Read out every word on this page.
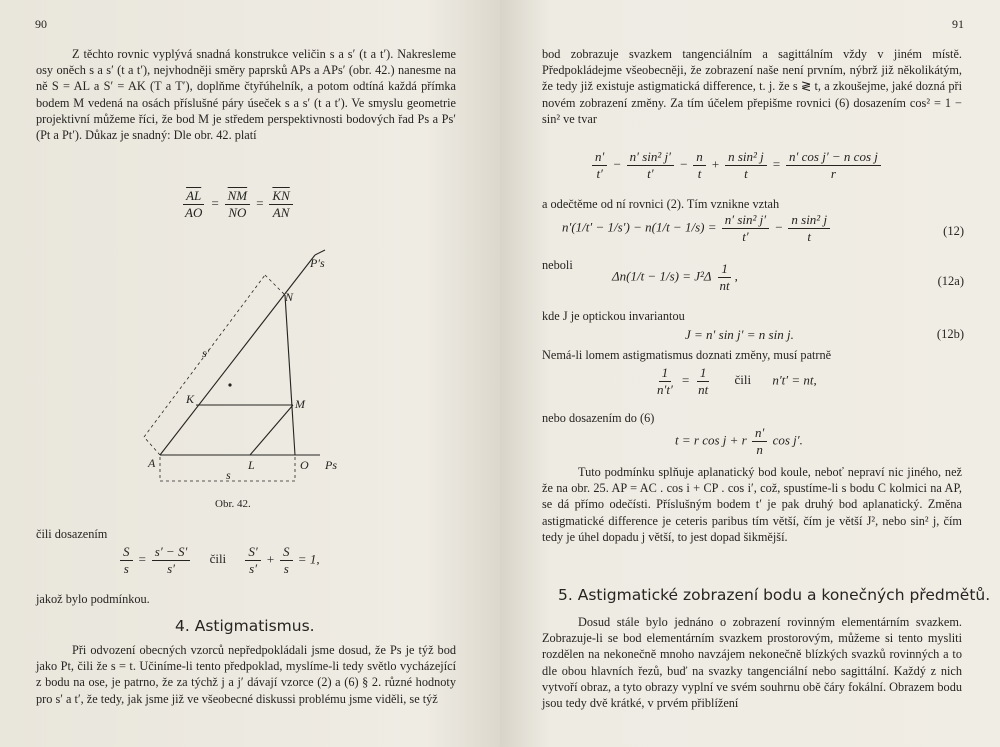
90
Z těchto rovnic vyplývá snadná konstrukce veličin s a s′ (t a t′). Nakresleme osy oněch s a s′ (t a t′), nejvhodněji směry paprsků APs a APs′ (obr. 42.) nanesme na ně S = AL a S′ = AK (T a T′), doplňme čtyřúhelník, a potom odtíná každá přímka bodem M vedená na osách příslušné páry úseček s a s′ (t a t′). Ve smyslu geometrie projektivní můžeme říci, že bod M je středem perspektivnosti bodových řad Ps a Ps′ (Pt a Pt′). Důkaz je snadný: Dle obr. 42. platí
$\frac{\overline{AL}}{AO} = \frac{\overline{NM}}{NO} = \frac{\overline{KN}}{AN}$
P′s
N
s′
K	M
A	L	O Ps
s
Obr. 42.
čili dosazením
$\frac{S}{s} = \frac{s' - S'}{s'}$ čili $\frac{S'}{s'} + \frac{S}{s} = 1$,
jakož bylo podmínkou.
4. Astigmatismus.
Při odvození obecných vzorců nepředpokládali jsme dosud, že Ps je týž bod jako Pt, čili že s = t. Učiníme-li tento předpoklad, myslíme-li tedy světlo vycházející z bodu na ose, je patrno, že za týchž j a j′ dávají vzorce (2) a (6) § 2. různé hodnoty pro s′ a t′, že tedy, jak jsme již ve všeobecné diskussi problému jsme viděli, se týž
91
bod zobrazuje svazkem tangenciálním a sagittálním vždy v jiném místě. Předpokládejme všeobecněji, že zobrazení naše není prvním, nýbrž již několikátým, že tedy již existuje astigmatická difference, t. j. že s ≷ t, a zkoušejme, jaké dozná při novém zobrazení změny. Za tím účelem přepišme rovnici (6) dosazením cos² = 1 − sin² ve tvar
$\frac{n'}{t'} - \frac{\text{n′ sin² j′}}{t'} - \frac{n}{t} + \frac{\text{n sin² j}}{t} = \frac{\text{n′ cos j′ − n cos j}}{r}$
a odečtěme od ní rovnici (2). Tím vznikne vztah
$n'(1/t' - 1/s') - n(1/t - 1/s) = \frac{\text{n′ sin² j′}}{t'} - \frac{\text{n sin² j}}{t}$	(12)
neboli
$\Delta n(1/t - 1/s) = J^2\Delta \frac{1}{nt}$ ,	(12a)
kde J je optickou invariantou
J = n′ sin j′ = n sin j.	(12b)
Nemá-li lomem astigmatismus doznati změny, musí patrně
$\frac{1}{n't'} = \frac{1}{nt}$ čili n′t′ = nt,
nebo dosazením do (6)
t = r cos j + r $\frac{n'}{n}$ cos j′.
Tuto podmínku splňuje aplanatický bod koule, neboť nepraví nic jiného, než že na obr. 25. AP = AC . cos i + CP . cos i′, což, spustíme-li s bodu C kolmici na AP, se dá přímo odečísti. Příslušným bodem t′ je pak druhý bod aplanatický. Změna astigmatické difference je ceteris paribus tím větší, čím je větší J², nebo sin² j, čím tedy je úhel dopadu j větší, to jest dopad šikmější.
5. Astigmatické zobrazení bodu a konečných předmětů.
Dosud stále bylo jednáno o zobrazení rovinným elementárním svazkem. Zobrazuje-li se bod elementárním svazkem prostorovým, můžeme si tento mysliti rozdělen na nekonečně mnoho navzájem nekonečně blízkých svazků rovinných a to dle obou hlavních řezů, buď na svazky tangenciální nebo sagittální. Každý z nich vytvoří obraz, a tyto obrazy vyplní ve svém souhrnu obě čáry fokální. Obrazem bodu jsou tedy dvě krátké, v prvém přiblížení
